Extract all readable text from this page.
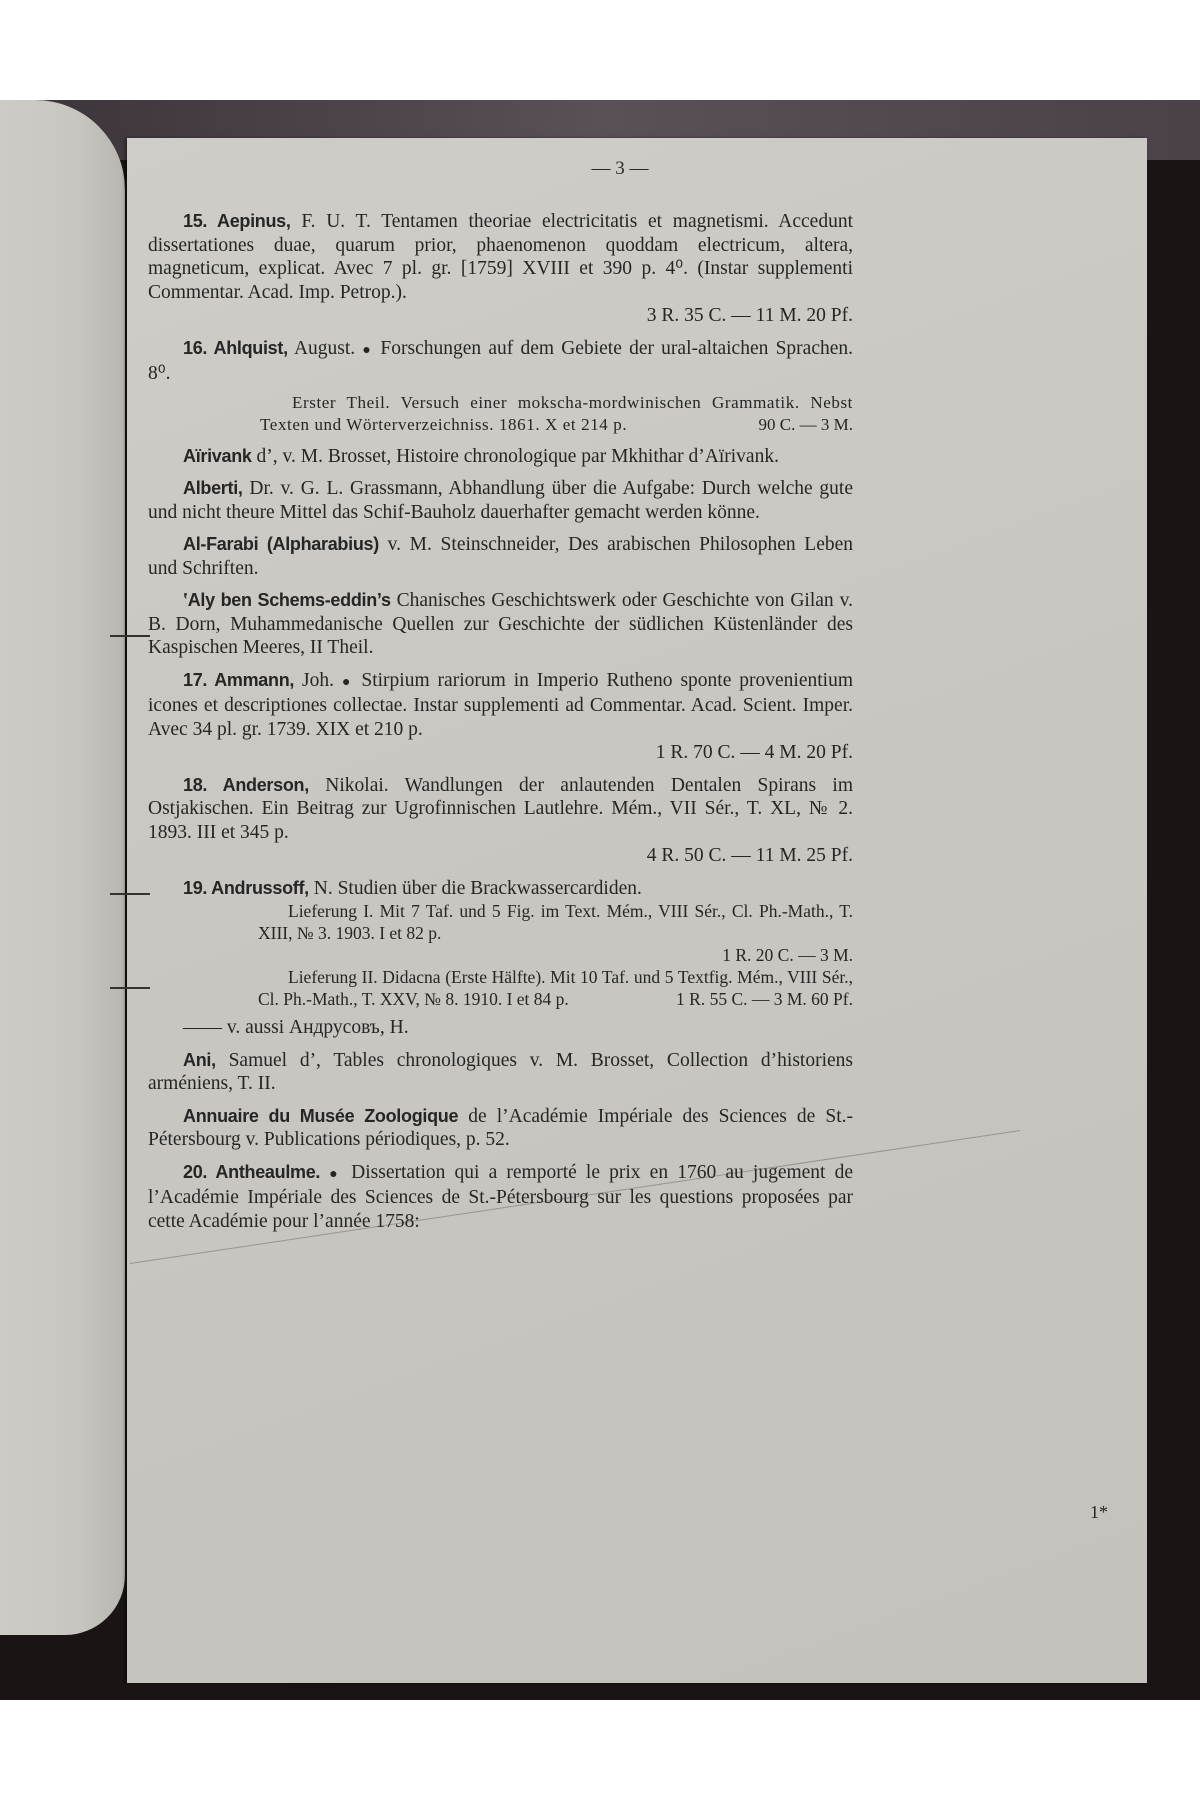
— 3 —
15. Aepinus, F. U. T. Tentamen theoriae electricitatis et magnetismi. Accedunt dissertationes duae, quarum prior, phaenomenon quoddam electricum, altera, magneticum, explicat. Avec 7 pl. gr. [1759] XVIII et 390 p. 4⁰. (Instar supplementi Commentar. Acad. Imp. Petrop.).
3 R. 35 C. — 11 M. 20 Pf.
16. Ahlquist, August. ● Forschungen auf dem Gebiete der ural-altaichen Sprachen. 8⁰.
Erster Theil. Versuch einer mokscha-mordwinischen Grammatik. Nebst Texten und Wörterverzeichniss. 1861. X et 214 p.	90 C. — 3 M.
Aïrivank d’, v. M. Brosset, Histoire chronologique par Mkhithar d’Aïrivank.
Alberti, Dr. v. G. L. Grassmann, Abhandlung über die Aufgabe: Durch welche gute und nicht theure Mittel das Schif-Bauholz dauerhafter gemacht werden könne.
Al-Farabi (Alpharabius) v. M. Steinschneider, Des arabischen Philosophen Leben und Schriften.
ʽAly ben Schems-eddin’s Chanisches Geschichtswerk oder Geschichte von Gilan v. B. Dorn, Muhammedanische Quellen zur Geschichte der südlichen Küstenländer des Kaspischen Meeres, II Theil.
17. Ammann, Joh. ● Stirpium rariorum in Imperio Rutheno sponte provenientium icones et descriptiones collectae. Instar supplementi ad Commentar. Acad. Scient. Imper. Avec 34 pl. gr. 1739. XIX et 210 p.
1 R. 70 C. — 4 M. 20 Pf.
18. Anderson, Nikolai. Wandlungen der anlautenden Dentalen Spirans im Ostjakischen. Ein Beitrag zur Ugrofinnischen Lautlehre. Mém., VII Sér., T. XL, № 2. 1893. III et 345 p.
4 R. 50 C. — 11 M. 25 Pf.
19. Andrussoff, N. Studien über die Brackwassercardiden.
Lieferung I. Mit 7 Taf. und 5 Fig. im Text. Mém., VIII Sér., Cl. Ph.-Math., T. XIII, № 3. 1903. I et 82 p.
1 R. 20 C. — 3 M.
Lieferung II. Didacna (Erste Hälfte). Mit 10 Taf. und 5 Textfig. Mém., VIII Sér., Cl. Ph.-Math., T. XXV, № 8. 1910. I et 84 p.	1 R. 55 C. — 3 M. 60 Pf.
—— v. aussi Андрусовъ, Н.
Ani, Samuel d’, Tables chronologiques v. M. Brosset, Collection d’historiens arméniens, T. II.
Annuaire du Musée Zoologique de l’Académie Impériale des Sciences de St.-Pétersbourg v. Publications périodiques, p. 52.
20. Antheaulme. ● Dissertation qui a remporté le prix en 1760 au jugement de l’Académie Impériale des Sciences de St.-Pétersbourg sur les questions proposées par cette Académie pour l’année 1758:
1*
